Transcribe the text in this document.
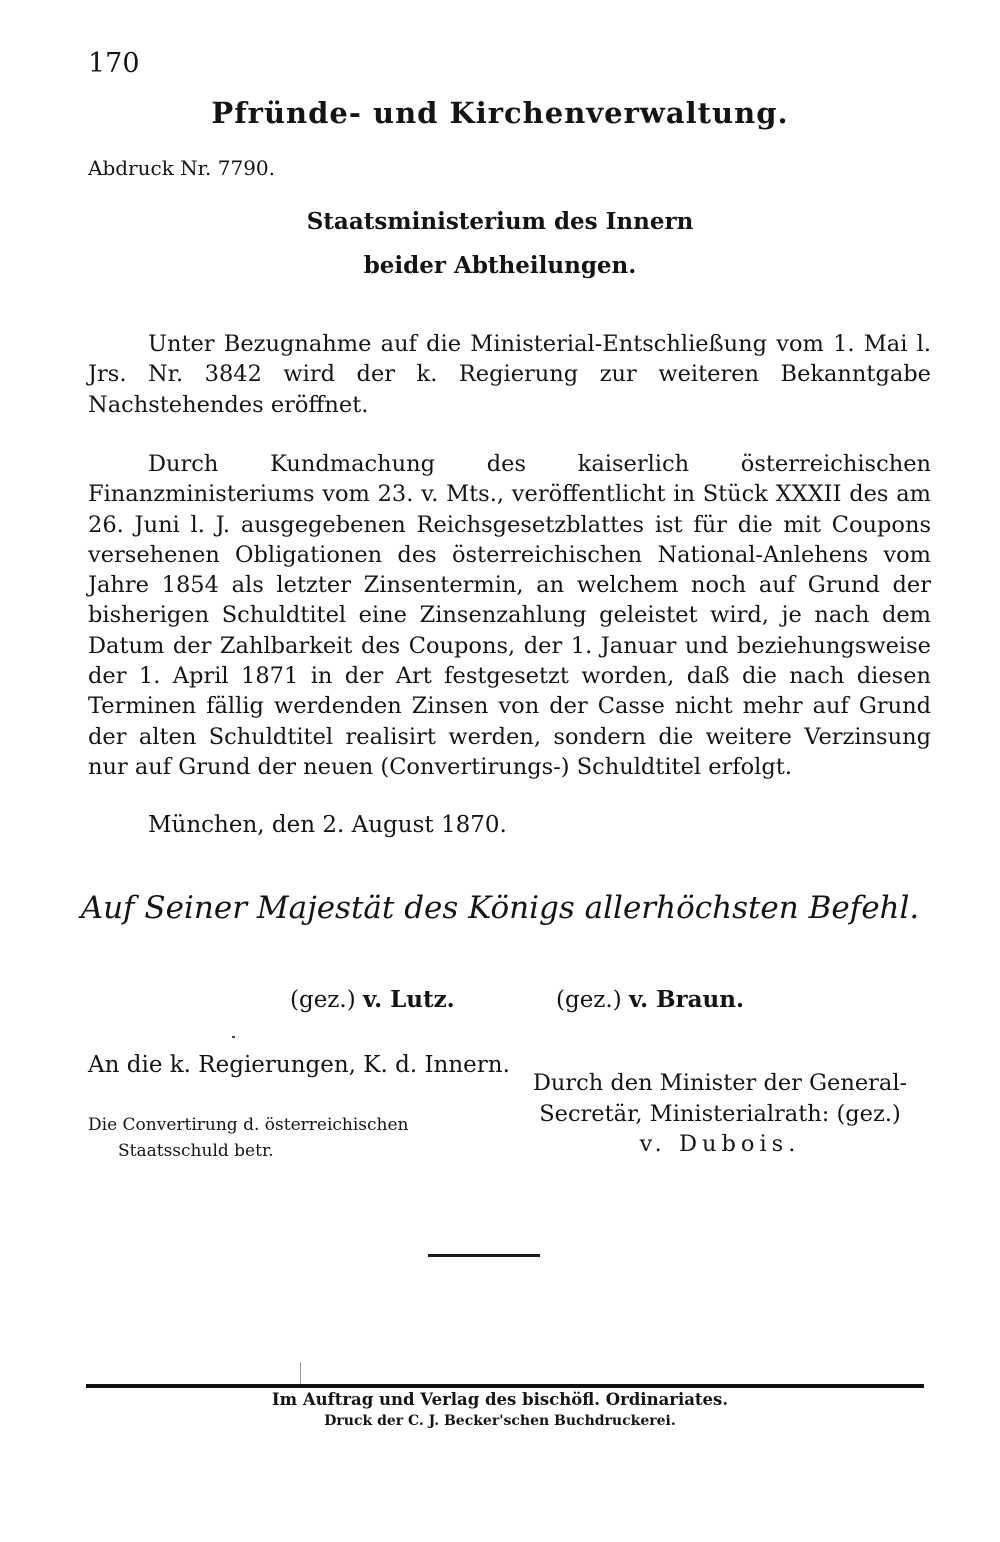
170
Pfründe- und Kirchenverwaltung.
Abdruck Nr. 7790.
Staatsministerium des Innern
beider Abtheilungen.
Unter Bezugnahme auf die Ministerial-Entschließung vom 1. Mai l. Jrs. Nr. 3842 wird der k. Regierung zur weiteren Bekanntgabe Nachstehendes eröffnet.
Durch Kundmachung des kaiserlich österreichischen Finanzministeriums vom 23. v. Mts., veröffentlicht in Stück XXXII des am 26. Juni l. J. ausgegebenen Reichsgesetzblattes ist für die mit Coupons versehenen Obligationen des österreichischen National-Anlehens vom Jahre 1854 als letzter Zinsentermin, an welchem noch auf Grund der bisherigen Schuldtitel eine Zinsenzahlung geleistet wird, je nach dem Datum der Zahlbarkeit des Coupons, der 1. Januar und beziehungsweise der 1. April 1871 in der Art festgesetzt worden, daß die nach diesen Terminen fällig werdenden Zinsen von der Casse nicht mehr auf Grund der alten Schuldtitel realisirt werden, sondern die weitere Verzinsung nur auf Grund der neuen (Convertirungs-) Schuldtitel erfolgt.
München, den 2. August 1870.
Auf Seiner Majestät des Königs allerhöchsten Befehl.
(gez.) v. Lutz.	(gez.) v. Braun.
An die k. Regierungen, K. d. Innern.
Die Convertirung d. österreichischen Staatsschuld betr.
Durch den Minister der General-
Secretär, Ministerialrath: (gez.)
v. Dubois.
Im Auftrag und Verlag des bischöfl. Ordinariates.
Druck der C. J. Becker'schen Buchdruckerei.
